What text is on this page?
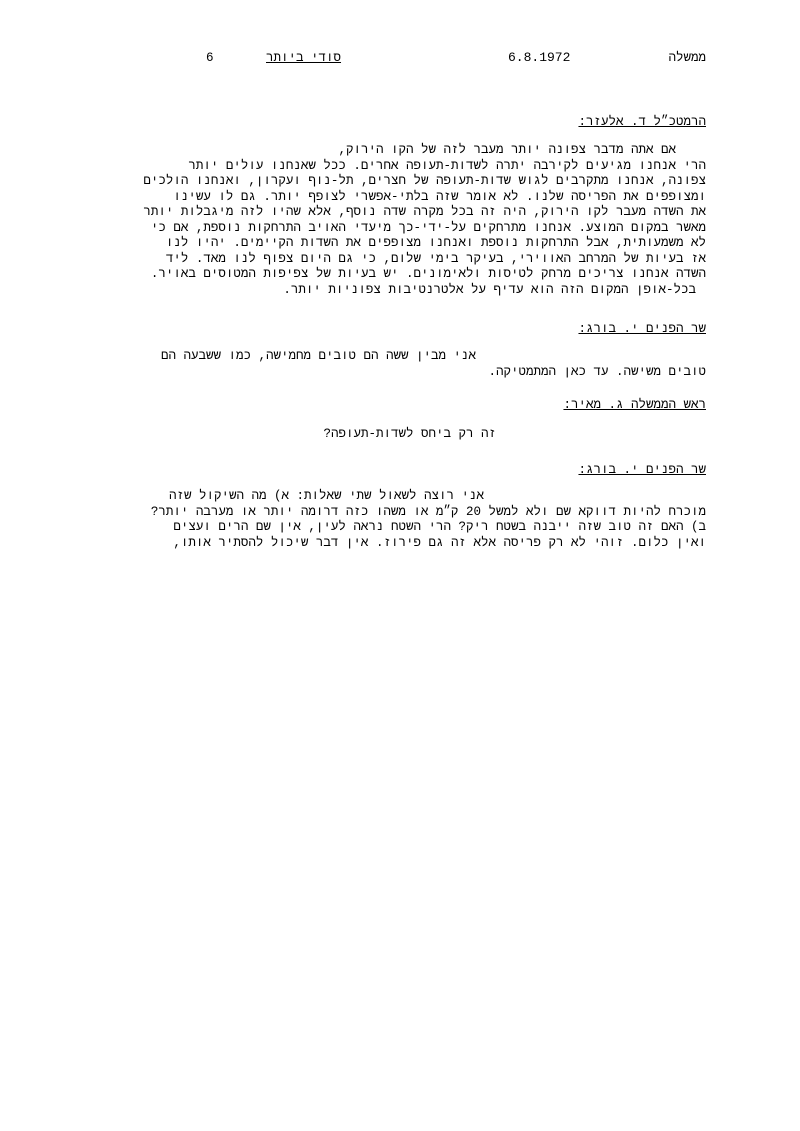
6	סודי ביותר	6.8.1972	ממשלה
הרמטכ״ל ד. אלעזר:
אם אתה מדבר צפונה יותר מעבר לזה של הקו הירוק,
הרי אנחנו מגיעים לקירבה יתרה לשדות-תעופה אחרים. ככל שאנחנו עולים יותר
צפונה, אנחנו מתקרבים לגוש שדות-תעופה של חצרים, תל-נוף ועקרון, ואנחנו הולכים
ומצופפים את הפריסה שלנו. לא אומר שזה בלתי-אפשרי לצופף יותר. גם לו עשינו
את השדה מעבר לקו הירוק, היה זה בכל מקרה שדה נוסף, אלא שהיו לזה מיגבלות יותר
מאשר במקום המוצע. אנחנו מתרחקים על-ידי-כך מיעדי האויב התרחקות נוספת, אם כי
לא משמעותית, אבל התרחקות נוספת ואנחנו מצופפים את השדות הקיימים. יהיו לנו
אז בעיות של המרחב האווירי, בעיקר בימי שלום, כי גם היום צפוף לנו מאד. ליד
השדה אנחנו צריכים מרחק לטיסות ולאימונים. יש בעיות של צפיפות המטוסים באויר.
בכל-אופן המקום הזה הוא עדיף על אלטרנטיבות צפוניות יותר.
שר הפנים י. בורג:
אני מבין ששה הם טובים מחמישה, כמו ששבעה הם
טובים משישה. עד כאן המתמטיקה.
ראש הממשלה ג. מאיר:
זה רק ביחס לשדות-תעופה?
שר הפנים י. בורג:
אני רוצה לשאול שתי שאלות: א) מה השיקול שזה
מוכרח להיות דווקא שם ולא למשל 20 ק״מ או משהו כזה דרומה יותר או מערבה יותר?
ב) האם זה טוב שזה ייבנה בשטח ריק? הרי השטח נראה לעין, אין שם הרים ועצים
ואין כלום. זוהי לא רק פריסה אלא זה גם פירוז. אין דבר שיכול להסתיר אותו,
